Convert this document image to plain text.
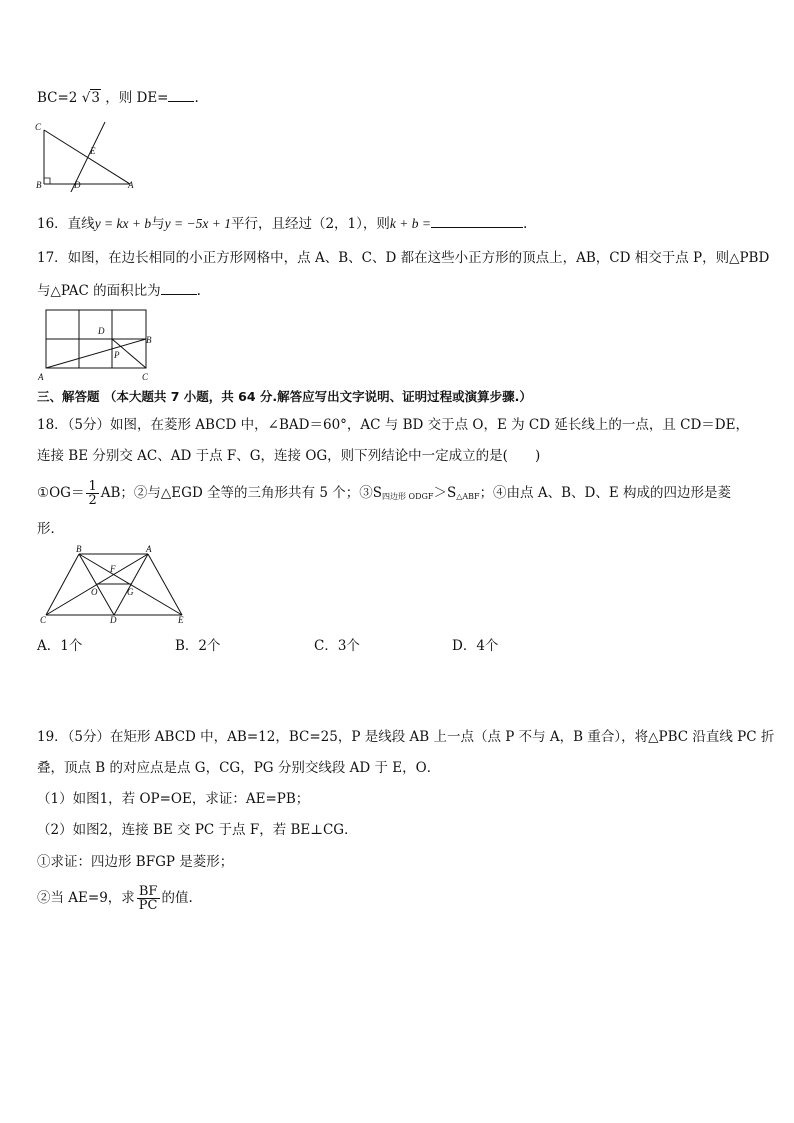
BC=2 √3 ，则 DE= .
C
E
B	D	A
16．直线y = kx + b与y = −5x + 1平行，且经过（2，1），则k + b =	.
17．如图，在边长相同的小正方形网格中，点 A、B、C、D 都在这些小正方形的顶点上，AB，CD 相交于点 P，则△PBD
与△PAC 的面积比为	.
D
B
P
A	C
三、解答题 （本大题共 7 小题，共 64 分.解答应写出文字说明、证明过程或演算步骤.）
18．（5分）如图，在菱形 ABCD 中，∠BAD＝60°，AC 与 BD 交于点 O，E 为 CD 延长线上的一点，且 CD＝DE，
连接 BE 分别交 AC、AD 于点 F、G，连接 OG，则下列结论中一定成立的是(　　)
①OG＝ $\frac{1}{2}$ AB；②与△EGD 全等的三角形共有 5 个；$③S_{四边形 ODGF}>S_{\triangle ABF}$；④由点 A、B、D、E 构成的四边形是菱
形．
B	A
F
O	G
C	D	E
A．1个	B．2个	C．3个	D．4个
19．（5分）在矩形 ABCD 中，AB=12，BC=25，P 是线段 AB 上一点（点 P 不与 A，B 重合），将△PBC 沿直线 PC 折
叠，顶点 B 的对应点是点 G，CG，PG 分别交线段 AD 于 E，O．
（1）如图1，若 OP=OE，求证：AE=PB；
（2）如图2，连接 BE 交 PC 于点 F，若 BE⊥CG．
①求证：四边形 BFGP 是菱形；
②当 AE=9，求 $\frac{BF}{PC}$ 的值.
